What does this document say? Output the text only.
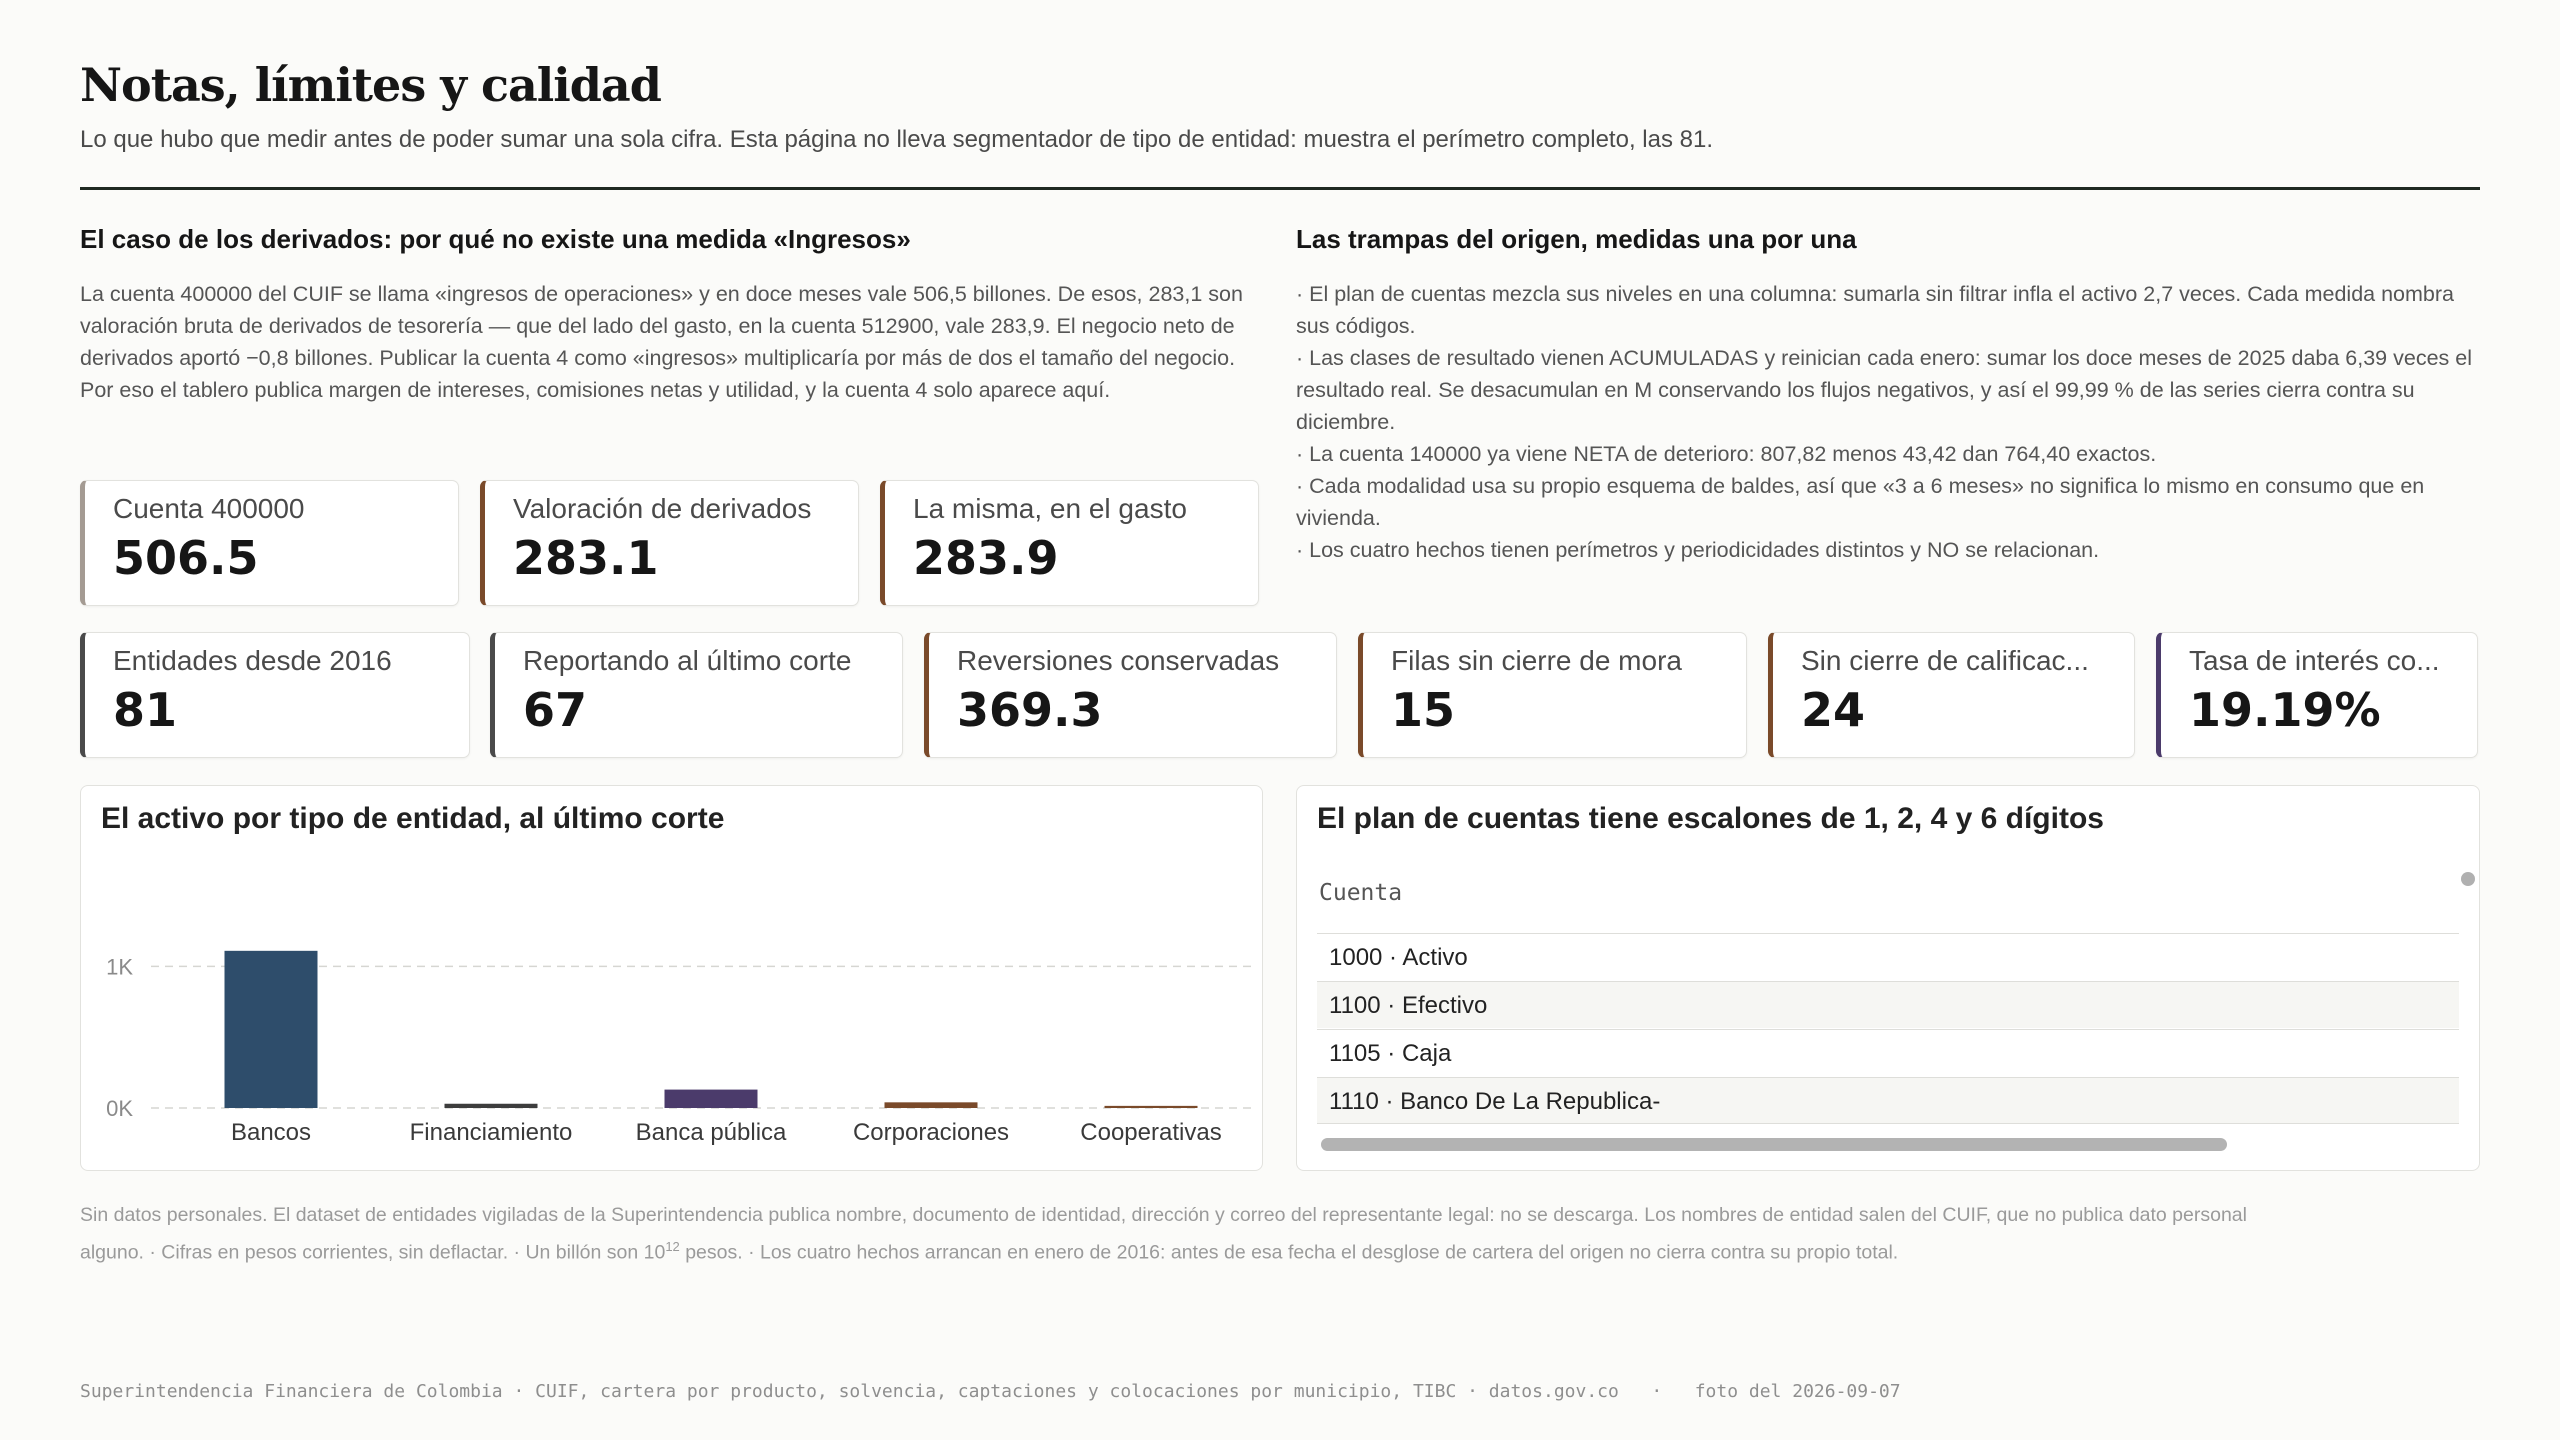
Notas, límites y calidad
Lo que hubo que medir antes de poder sumar una sola cifra. Esta página no lleva segmentador de tipo de entidad: muestra el perímetro completo, las 81.
El caso de los derivados: por qué no existe una medida «Ingresos»
La cuenta 400000 del CUIF se llama «ingresos de operaciones» y en doce meses vale 506,5 billones. De esos, 283,1 son valoración bruta de derivados de tesorería — que del lado del gasto, en la cuenta 512900, vale 283,9. El negocio neto de derivados aportó −0,8 billones. Publicar la cuenta 4 como «ingresos» multiplicaría por más de dos el tamaño del negocio. Por eso el tablero publica margen de intereses, comisiones netas y utilidad, y la cuenta 4 solo aparece aquí.
Cuenta 400000
506.5
Valoración de derivados
283.1
La misma, en el gasto
283.9
Las trampas del origen, medidas una por una

· El plan de cuentas mezcla sus niveles en una columna: sumarla sin filtrar infla el activo 2,7 veces. Cada medida nombra sus códigos.

· Las clases de resultado vienen ACUMULADAS y reinician cada enero: sumar los doce meses de 2025 daba 6,39 veces el resultado real. Se desacumulan en M conservando los flujos negativos, y así el 99,99 % de las series cierra contra su diciembre.

· La cuenta 140000 ya viene NETA de deterioro: 807,82 menos 43,42 dan 764,40 exactos.

· Cada modalidad usa su propio esquema de baldes, así que «3 a 6 meses» no significa lo mismo en consumo que en vivienda.

· Los cuatro hechos tienen perímetros y periodicidades distintos y NO se relacionan.

Entidades desde 2016
81
Reportando al último corte
67
Reversiones conservadas
369.3
Filas sin cierre de mora
15
Sin cierre de calificac...
24
Tasa de interés co...
19.19%
El activo por tipo de entidad, al último corte
0K
1K
Bancos	Financiamiento	Banca pública	Corporaciones	Cooperativas
El plan de cuentas tiene escalones de 1, 2, 4 y 6 dígitos
Cuenta
1000 · Activo
1100 · Efectivo
1105 · Caja
1110 · Banco De La Republica-
Sin datos personales. El dataset de entidades vigiladas de la Superintendencia publica nombre, documento de identidad, dirección y correo del representante legal: no se descarga. Los nombres de entidad salen del CUIF, que no publica dato personal
alguno. · Cifras en pesos corrientes, sin deflactar. · Un billón son $10^{12}$ pesos. · Los cuatro hechos arrancan en enero de 2016: antes de esa fecha el desglose de cartera del origen no cierra contra su propio total.
Superintendencia Financiera de Colombia · CUIF, cartera por producto, solvencia, captaciones y colocaciones por municipio, TIBC · datos.gov.co   ·   foto del 2026-09-07
